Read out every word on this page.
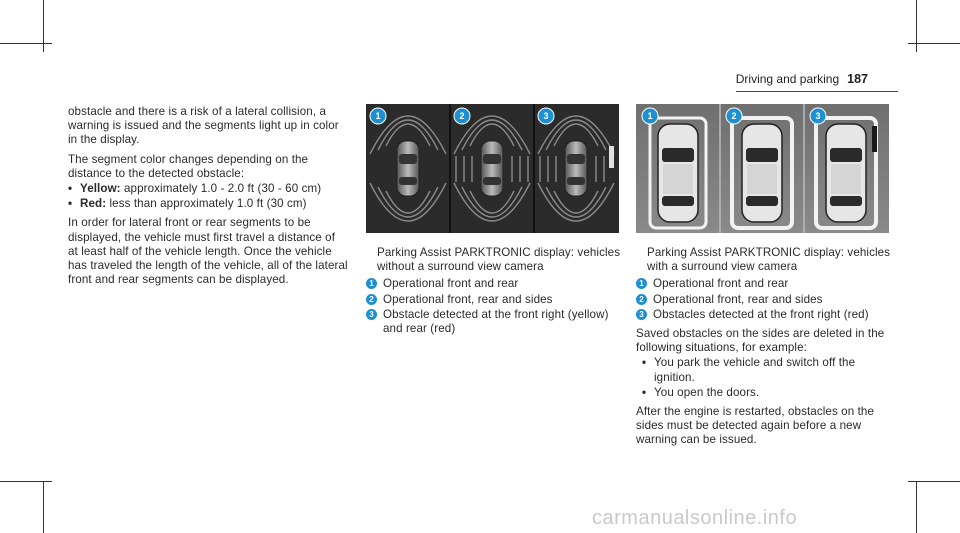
Driving and parking 187

obstacle and there is a risk of a lateral collision, a warning is issued and the segments light up in color in the display.

The segment color changes depending on the distance to the detected obstacle:

• Yellow: approximately 1.0 - 2.0 ft (30 - 60 cm)
• Red: less than approximately 1.0 ft (30 cm)

In order for lateral front or rear segments to be displayed, the vehicle must first travel a distance of at least half of the vehicle length. Once the vehicle has traveled the length of the vehicle, all of the lateral front and rear segments can be displayed.

1	2	3	1	2	3

Parking Assist PARKTRONIC display: vehicles without a surround view camera

1 Operational front and rear
2 Operational front, rear and sides
3 Obstacle detected at the front right (yellow) and rear (red)

Parking Assist PARKTRONIC display: vehicles with a surround view camera

1 Operational front and rear
2 Operational front, rear and sides
3 Obstacles detected at the front right (red)

Saved obstacles on the sides are deleted in the following situations, for example:

• You park the vehicle and switch off the ignition.
• You open the doors.

After the engine is restarted, obstacles on the sides must be detected again before a new warning can be issued.

carmanualsonline.info
